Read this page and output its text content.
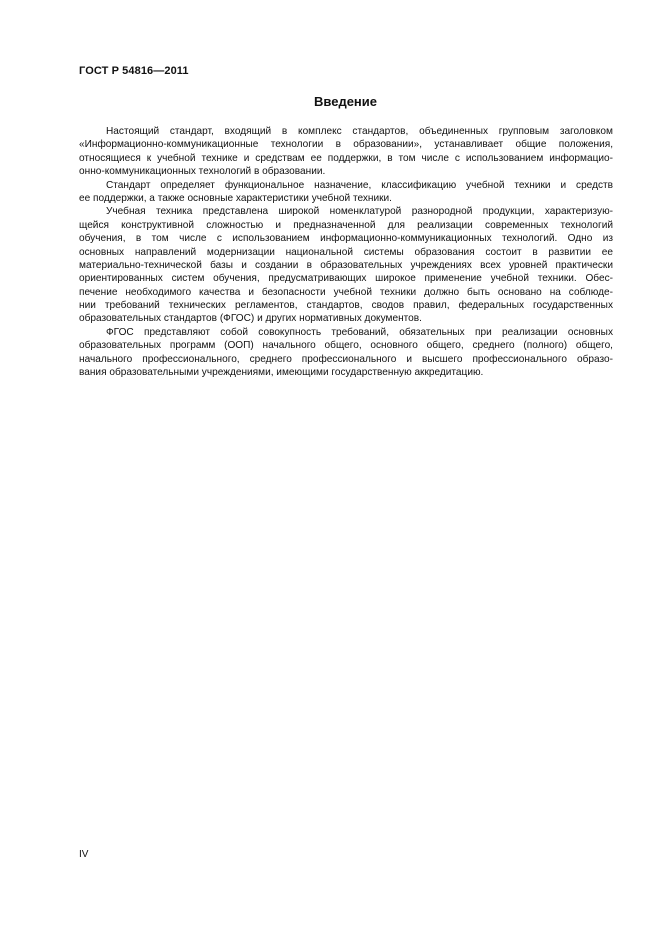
ГОСТ Р 54816—2011
Введение
Настоящий стандарт, входящий в комплекс стандартов, объединенных групповым заголовком
«Информационно-коммуникационные технологии в образовании», устанавливает общие положения,
относящиеся к учебной технике и средствам ее поддержки, в том числе с использованием информацио-
онно-коммуникационных технологий в образовании.
Стандарт определяет функциональное назначение, классификацию учебной техники и средств
ее поддержки, а также основные характеристики учебной техники.
Учебная техника представлена широкой номенклатурой разнородной продукции, характеризую-
щейся конструктивной сложностью и предназначенной для реализации современных технологий
обучения, в том числе с использованием информационно-коммуникационных технологий. Одно из
основных направлений модернизации национальной системы образования состоит в развитии ее
материально-технической базы и создании в образовательных учреждениях всех уровней практически
ориентированных систем обучения, предусматривающих широкое применение учебной техники. Обес-
печение необходимого качества и безопасности учебной техники должно быть основано на соблюде-
нии требований технических регламентов, стандартов, сводов правил, федеральных государственных
образовательных стандартов (ФГОС) и других нормативных документов.
ФГОС представляют собой совокупность требований, обязательных при реализации основных
образовательных программ (ООП) начального общего, основного общего, среднего (полного) общего,
начального профессионального, среднего профессионального и высшего профессионального образо-
вания образовательными учреждениями, имеющими государственную аккредитацию.
IV
